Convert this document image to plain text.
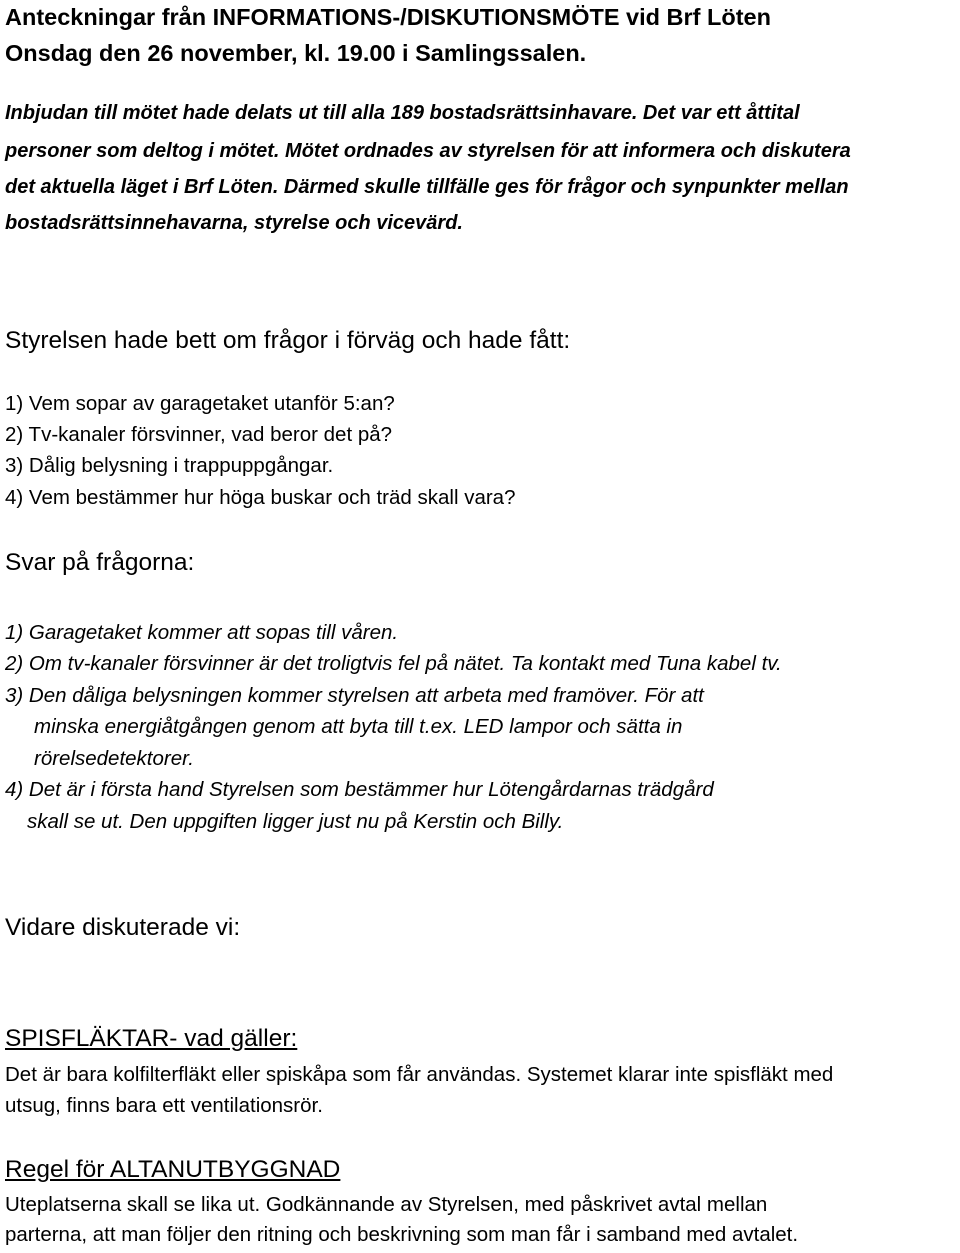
Anteckningar från INFORMATIONS-/DISKUTIONSMÖTE vid Brf Löten
Onsdag den 26 november, kl. 19.00 i Samlingssalen.
Inbjudan till mötet hade delats ut till alla 189 bostadsrättsinhavare. Det var ett åttital
personer som deltog i mötet. Mötet ordnades av styrelsen för att informera och diskutera
det aktuella läget i Brf Löten. Därmed skulle tillfälle ges för frågor och synpunkter mellan
bostadsrättsinnehavarna, styrelse och vicevärd.
Styrelsen hade bett om frågor i förväg och hade fått:
1) Vem sopar av garagetaket utanför 5:an?
2) Tv-kanaler försvinner, vad beror det på?
3) Dålig belysning i trappuppgångar.
4) Vem bestämmer hur höga buskar och träd skall vara?
Svar på frågorna:
1) Garagetaket kommer att sopas till våren.
2) Om tv-kanaler försvinner är det troligtvis fel på nätet. Ta kontakt med Tuna kabel tv.
3) Den dåliga belysningen kommer styrelsen att arbeta med framöver. För att
minska energiåtgången genom att byta till t.ex. LED lampor och sätta in
rörelsedetektorer.
4) Det är i första hand Styrelsen som bestämmer hur Lötengårdarnas trädgård
skall se ut. Den uppgiften ligger just nu på Kerstin och Billy.
Vidare diskuterade vi:
SPISFLÄKTAR- vad gäller:
Det är bara kolfilterfläkt eller spiskåpa som får användas. Systemet klarar inte spisfläkt med
utsug, finns bara ett ventilationsrör.
Regel för ALTANUTBYGGNAD
Uteplatserna skall se lika ut. Godkännande av Styrelsen, med påskrivet avtal mellan
parterna, att man följer den ritning och beskrivning som man får i samband med avtalet.
